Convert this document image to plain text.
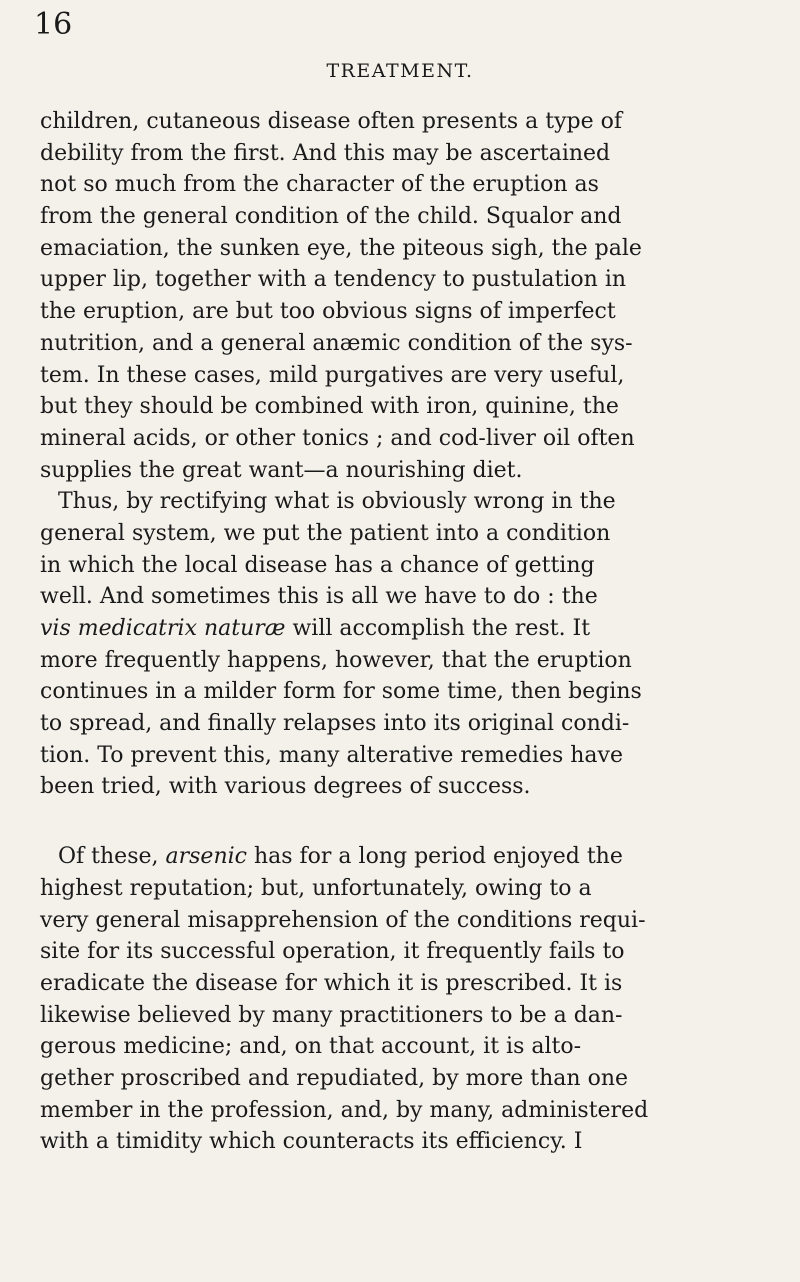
16
TREATMENT.
children, cutaneous disease often presents a type of
debility from the first. And this may be ascertained
not so much from the character of the eruption as
from the general condition of the child. Squalor and
emaciation, the sunken eye, the piteous sigh, the pale
upper lip, together with a tendency to pustulation in
the eruption, are but too obvious signs of imperfect
nutrition, and a general anæmic condition of the sys-
tem. In these cases, mild purgatives are very useful,
but they should be combined with iron, quinine, the
mineral acids, or other tonics ; and cod-liver oil often
supplies the great want—a nourishing diet.
Thus, by rectifying what is obviously wrong in the
general system, we put the patient into a condition
in which the local disease has a chance of getting
well. And sometimes this is all we have to do : the
vis medicatrix naturæ will accomplish the rest. It
more frequently happens, however, that the eruption
continues in a milder form for some time, then begins
to spread, and finally relapses into its original condi-
tion. To prevent this, many alterative remedies have
been tried, with various degrees of success.
Of these, arsenic has for a long period enjoyed the
highest reputation; but, unfortunately, owing to a
very general misapprehension of the conditions requi-
site for its successful operation, it frequently fails to
eradicate the disease for which it is prescribed. It is
likewise believed by many practitioners to be a dan-
gerous medicine; and, on that account, it is alto-
gether proscribed and repudiated, by more than one
member in the profession, and, by many, administered
with a timidity which counteracts its efficiency. I
